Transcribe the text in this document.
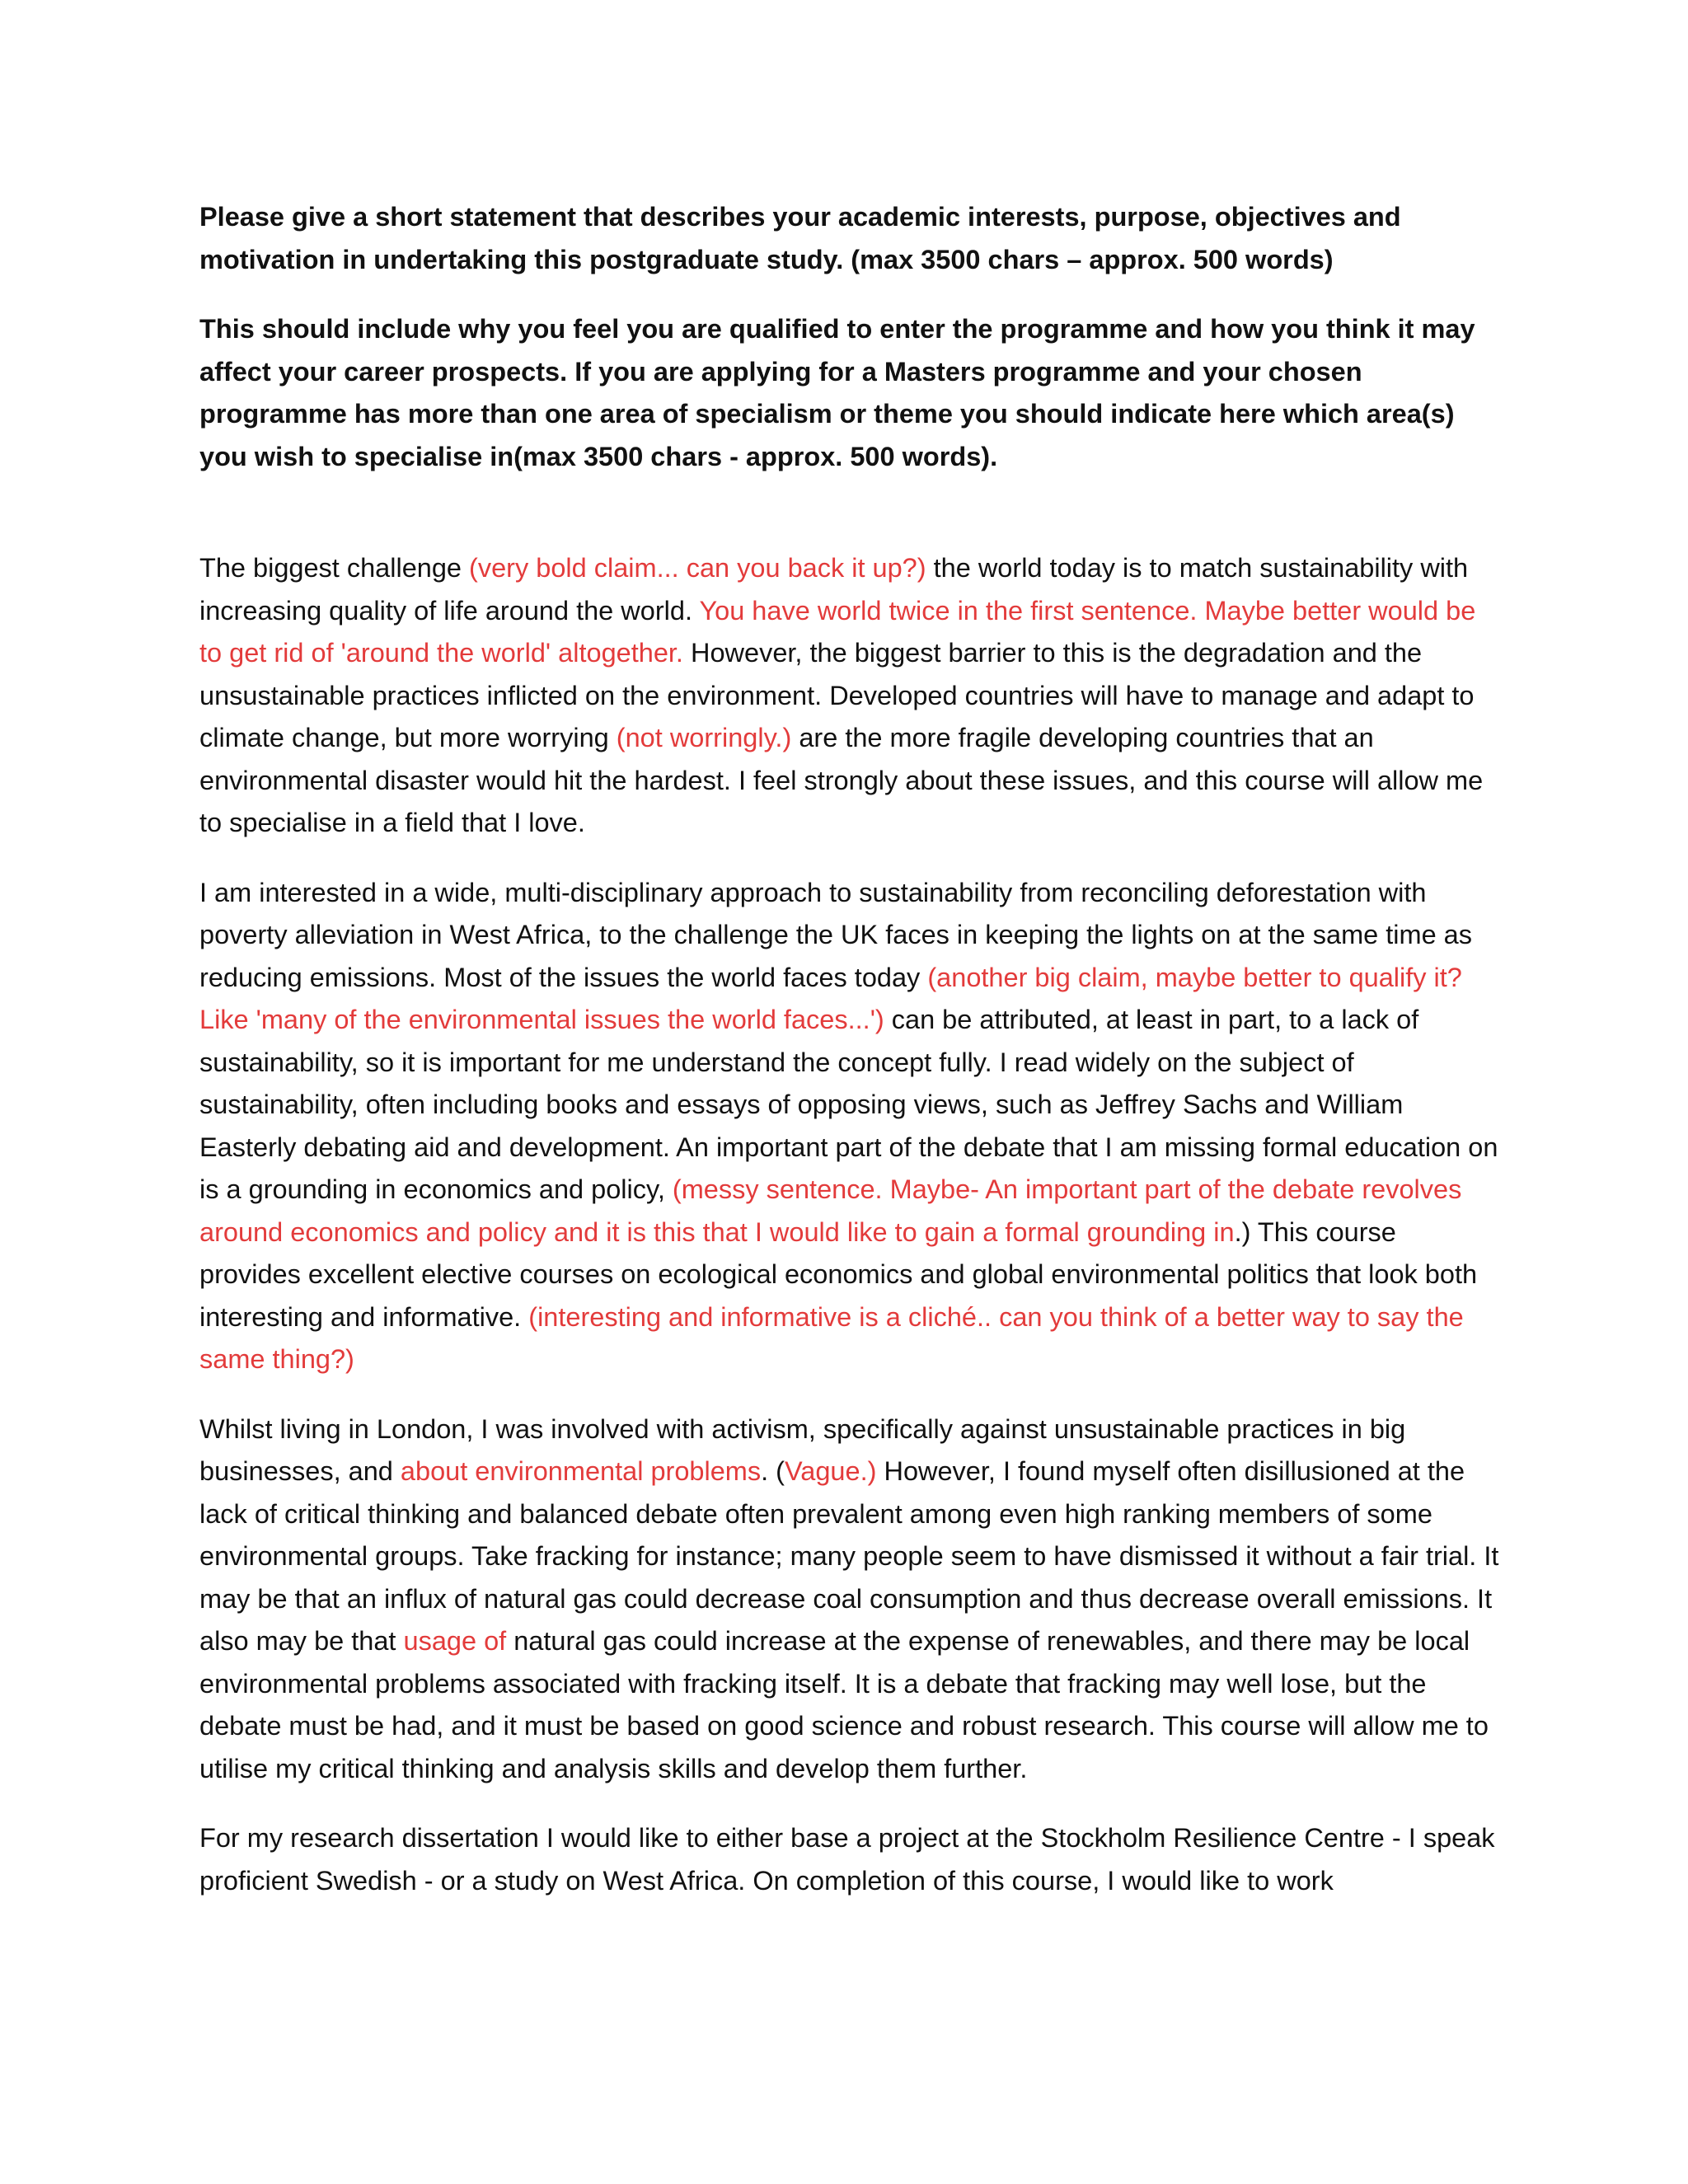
Please give a short statement that describes your academic interests, purpose, objectives and motivation in undertaking this postgraduate study. (max 3500 chars – approx. 500 words)

This should include why you feel you are qualified to enter the programme and how you think it may affect your career prospects. If you are applying for a Masters programme and your chosen programme has more than one area of specialism or theme you should indicate here which area(s) you wish to specialise in(max 3500 chars - approx. 500 words).

The biggest challenge (very bold claim... can you back it up?) the world today is to match sustainability with increasing quality of life around the world. You have world twice in the first sentence. Maybe better would be to get rid of 'around the world' altogether. However, the biggest barrier to this is the degradation and the unsustainable practices inflicted on the environment. Developed countries will have to manage and adapt to climate change, but more worrying (not worringly.) are the more fragile developing countries that an environmental disaster would hit the hardest. I feel strongly about these issues, and this course will allow me to specialise in a field that I love.

I am interested in a wide, multi-disciplinary approach to sustainability from reconciling deforestation with poverty alleviation in West Africa, to the challenge the UK faces in keeping the lights on at the same time as reducing emissions. Most of the issues the world faces today (another big claim, maybe better to qualify it? Like 'many of the environmental issues the world faces...') can be attributed, at least in part, to a lack of sustainability, so it is important for me understand the concept fully. I read widely on the subject of sustainability, often including books and essays of opposing views, such as Jeffrey Sachs and William Easterly debating aid and development. An important part of the debate that I am missing formal education on is a grounding in economics and policy, (messy sentence. Maybe- An important part of the debate revolves around economics and policy and it is this that I would like to gain a formal grounding in.) This course provides excellent elective courses on ecological economics and global environmental politics that look both interesting and informative. (interesting and informative is a cliché.. can you think of a better way to say the same thing?)

Whilst living in London, I was involved with activism, specifically against unsustainable practices in big businesses, and about environmental problems. (Vague.) However, I found myself often disillusioned at the lack of critical thinking and balanced debate often prevalent among even high ranking members of some environmental groups. Take fracking for instance; many people seem to have dismissed it without a fair trial. It may be that an influx of natural gas could decrease coal consumption and thus decrease overall emissions. It also may be that usage of natural gas could increase at the expense of renewables, and there may be local environmental problems associated with fracking itself. It is a debate that fracking may well lose, but the debate must be had, and it must be based on good science and robust research. This course will allow me to utilise my critical thinking and analysis skills and develop them further.

For my research dissertation I would like to either base a project at the Stockholm Resilience Centre - I speak proficient Swedish - or a study on West Africa. On completion of this course, I would like to work
